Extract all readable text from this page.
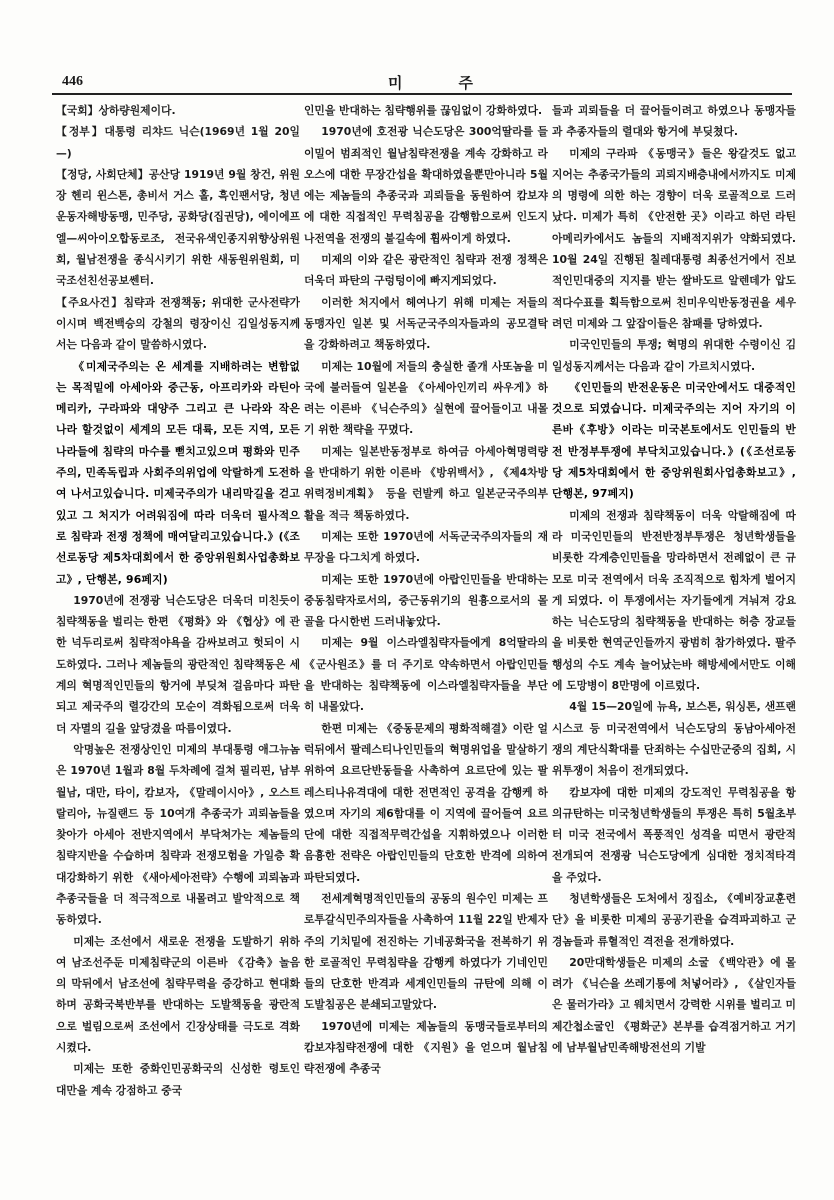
446	미주

【국회】상하량원제이다.

【정부】대통령 리챠드 닉슨(1969년 1월 20일—)

【정당, 사회단체】공산당 1919년 9월 창건, 위원장 헨리 윈스톤, 총비서 거스 홀, 흑인팬서당, 청년운동자해방동맹, 민주당, 공화당(집권당), 에이에프엘—씨아이오합동로조, 전국유색인종지위향상위원회, 월남전쟁을 종식시키기 위한 새동원위원회, 미국조선친선공보쎈터.

【주요사건】침략과 전쟁책동; 위대한 군사전략가이시며 백전백승의 강철의 령장이신 김일성동지께서는 다음과 같이 말씀하시였다.

《미제국주의는 온 세계를 지배하려는 변함없는 목적밑에 아세아와 중근동, 아프리카와 라틴아메리카, 구라파와 대양주 그리고 큰 나라와 작은 나라 할것없이 세계의 모든 대륙, 모든 지역, 모든 나라들에 침략의 마수를 뻗치고있으며 평화와 민주주의, 민족독립과 사회주의위업에 악랄하게 도전하여 나서고있습니다. 미제국주의가 내리막길을 걷고있고 그 처지가 어려워짐에 따라 더욱더 필사적으로 침략과 전쟁 정책에 매여달리고있습니다.》(《조선로동당 제5차대회에서 한 중앙위원회사업총화보고》, 단행본, 96페지)

1970년에 전쟁광 닉슨도당은 더욱더 미친듯이 침략책동을 벌리는 한편 《평화》와 《협상》에 관한 넉두리로써 침략적야욕을 감싸보려고 헛되이 시도하였다. 그러나 제놈들의 광란적인 침략책동은 세계의 혁명적인민들의 항거에 부딪쳐 걸음마다 파탄되고 제국주의 렬강간의 모순이 격화됨으로써 더욱더 자멸의 길을 앞당겼을 따름이였다.

악명높은 전쟁상인인 미제의 부대통령 애그뉴놈은 1970년 1월과 8월 두차례에 걸쳐 필리핀, 남부월남, 대만, 타이, 캄보자, 《말레이시아》, 오스트랄리아, 뉴질랜드 등 10여개 추종국가 괴뢰놈들을 찾아가 아세아 전반지역에서 부닥쳐가는 제놈들의 침략지반을 수습하며 침략과 전쟁모험을 가일층 확대강화하기 위한 《새아세아전략》수행에 괴뢰놈과 추종국들을 더 적극적으로 내몰려고 발악적으로 책동하였다.

미제는 조선에서 새로운 전쟁을 도발하기 위하여 남조선주둔 미제침략군의 이른바 《감축》놀음의 막뒤에서 남조선에 침략무력을 증강하고 현대화하며 공화국북반부를 반대하는 도발책동을 광란적으로 벌림으로써 조선에서 긴장상태를 극도로 격화시켰다.

미제는 또한 중화인민공화국의 신성한 령토인 대만을 계속 강점하고 중국

인민을 반대하는 침략행위를 끊임없이 강화하였다.

1970년에 호전광 닉슨도당은 300억딸라를 들이밀어 범죄적인 월남침략전쟁을 계속 강화하고 라오스에 대한 무장간섭을 확대하였을뿐만아니라 5월에는 제놈들의 추종국과 괴뢰들을 동원하여 캄보쟈에 대한 직접적인 무력침공을 감행함으로써 인도지나전역을 전쟁의 불길속에 휩싸이게 하였다.

미제의 이와 같은 광란적인 침략과 전쟁 정책은 더욱더 파탄의 구렁텅이에 빠지게되었다.

이러한 처지에서 헤여나기 위해 미제는 저들의 동맹자인 일본 및 서독군국주의자들과의 공모결탁을 강화하려고 책동하였다.

미제는 10월에 저들의 충실한 졸개 사또놈을 미국에 불러들여 일본을 《아세아인끼리 싸우게》하려는 이른바 《닉슨주의》실현에 끌어들이고 내몰기 위한 책략을 꾸몄다.

미제는 일본반동정부로 하여금 아세아혁명력량을 반대하기 위한 이른바 《방위백서》, 《제4차방위력정비계획》 등을 런발케 하고 일본군국주의부활을 적극 책동하였다.

미제는 또한 1970년에 서독군국주의자들의 재무장을 다그치게 하였다.

미제는 또한 1970년에 아랍인민들을 반대하는 중동침략자로서의, 중근동위기의 원흉으로서의 몰골을 다시한번 드러내놓았다.

미제는 9월 이스라엘침략자들에게 8억딸라의 《군사원조》를 더 주기로 약속하면서 아랍인민들을 반대하는 침략책동에 이스라엘침략자들을 부단히 내몰았다.

한편 미제는 《중동문제의 평화적해결》이란 얼럭뒤에서 팔레스티나인민들의 혁명위업을 말살하기 위하여 요르단반동들을 사촉하여 요르단에 있는 팔레스티나유격대에 대한 전면적인 공격을 감행케 하였으며 자기의 제6함대를 이 지역에 끌어들여 요르단에 대한 직접적무력간섭을 지휘하였으나 이러한 음흉한 전략은 아랍인민들의 단호한 반격에 의하여 파탄되였다.

전세계혁명적인민들의 공동의 원수인 미제는 프로투갈식민주의자들을 사촉하여 11월 22일 반제자주의 기치밑에 전진하는 기네공화국을 전복하기 위한 로골적인 무력침략을 감행케 하였다가 기네인민들의 단호한 반격과 세계인민들의 규탄에 의해 이 도발침공은 분쇄되고말았다.

1970년에 미제는 제놈들의 동맹국들로부터의 캄보쟈침략전쟁에 대한 《지원》을 얻으며 월남침략전쟁에 추종국

들과 괴뢰들을 더 끌어들이려고 하였으나 동맹자들과 추종자들의 렬대와 항거에 부딪쳤다.

미제의 구라파 《동맹국》들은 왕갈것도 없고 지어는 추종국가들의 괴뢰지배층내에서까지도 미제의 명령에 의한 하는 경향이 더욱 로골적으로 드러났다. 미제가 특히 《안전한 곳》이라고 하던 라틴아메리카에서도 놈들의 지배적지위가 약화되였다. 10월 24일 진행된 칠레대통령 최종선거에서 진보적인민대중의 지지를 받는 쌀바도르 알렌데가 압도적다수표를 획득함으로써 친미우익반동정권을 세우려던 미제와 그 앞잡이들은 참패를 당하였다.

미국인민들의 투쟁; 혁명의 위대한 수령이신 김일성동지께서는 다음과 같이 가르치시였다.

《인민들의 반전운동은 미국안에서도 대중적인것으로 되였습니다. 미제국주의는 지어 자기의 이른바《후방》이라는 미국본토에서도 인민들의 반전 반정부투쟁에 부닥치고있습니다.》(《조선로동당 제5차대회에서 한 중앙위원회사업총화보고》, 단행본, 97페지)

미제의 전쟁과 침략책동이 더욱 악랄해짐에 따라 미국인민들의 반전반정부투쟁은 청년학생들을 비롯한 각계층인민들을 망라하면서 전례없이 큰 규모로 미국 전역에서 더욱 조직적으로 힘차게 벌어지게 되였다. 이 투쟁에서는 자기들에게 겨눠져 강요하는 닉슨도당의 침략책동을 반대하는 허층 장교들을 비롯한 현역군인들까지 광범히 참가하였다. 팔주행성의 수도 계속 늘어났는바 해방세에서만도 이해에 도망병이 8만명에 이르렀다.

4월 15—20일에 뉴욕, 보스톤, 워싱톤, 샌프랜시스코 등 미국전역에서 닉슨도당의 동남아세아전쟁의 계단식확대를 단죄하는 수십만군중의 집회, 시위투쟁이 처음이 전개되였다.

캄보쟈에 대한 미제의 강도적인 무력침공을 항의규탄하는 미국청년학생들의 투쟁은 특히 5월초부터 미국 전국에서 폭풍적인 성격을 띠면서 광란적 전개되여 전쟁광 닉슨도당에게 심대한 정치적타격을 주었다.

청년학생들은 도처에서 징집소, 《예비장교훈련단》을 비롯한 미제의 공공기관을 습격파괴하고 군경놈들과 류혈적인 격전을 전개하였다.

20만대학생들은 미제의 소굴 《백악관》에 몰려가 《닉슨을 쓰레기통에 처넣어라》, 《살인자들은 물러가라》고 웨치면서 강력한 시위를 벌리고 미제간첩소굴인 《평화군》본부를 습격점거하고 거기에 남부월남민족해방전선의 기발
